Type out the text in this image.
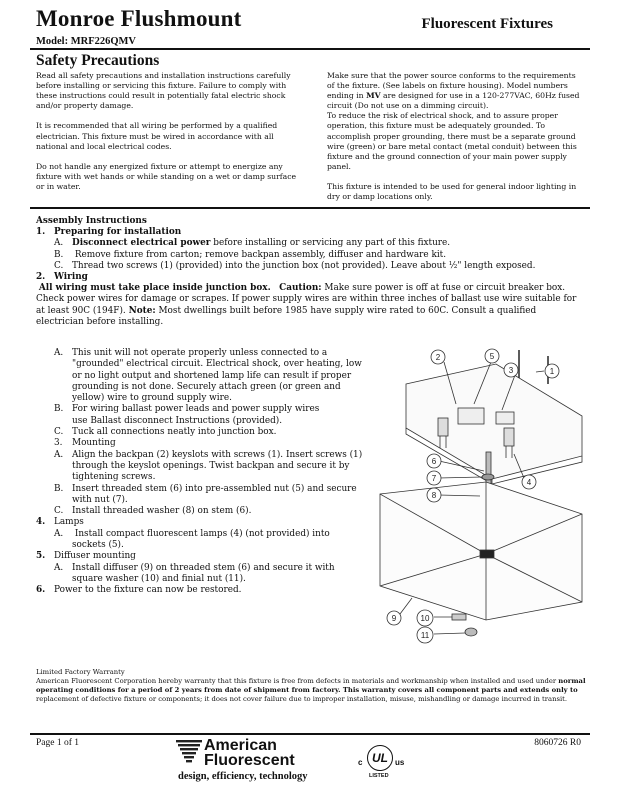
Monroe Flushmount
Model: MRF226QMV
Fluorescent Fixtures
Safety Precautions

Read all safety precautions and installation instructions carefully before installing or servicing this fixture. Failure to comply with these instructions could result in potentially fatal electric shock and/or property damage.

It is recommended that all wiring be performed by a qualified electrician. This fixture must be wired in accordance with all national and local electrical codes.

Do not handle any energized fixture or attempt to energize any fixture with wet hands or while standing on a wet or damp surface or in water.

Make sure that the power source conforms to the requirements of the fixture. (See labels on fixture housing). Model numbers ending in MV are designed for use in a 120-277VAC, 60Hz fused circuit (Do not use on a dimming circuit).

To reduce the risk of electrical shock, and to assure proper operation, this fixture must be adequately grounded. To accomplish proper grounding, there must be a separate ground wire (green) or bare metal contact (metal conduit) between this fixture and the ground connection of your main power supply panel.

This fixture is intended to be used for general indoor lighting in dry or damp locations only.

Assembly Instructions
1. Preparing for installation
A. Disconnect electrical power before installing or servicing any part of this fixture.
B. Remove fixture from carton; remove backpan assembly, diffuser and hardware kit.
C. Thread two screws (1) (provided) into the junction box (not provided). Leave about ½" length exposed.
2. Wiring
All wiring must take place inside junction box. Caution: Make sure power is off at fuse or circuit breaker box.
Check power wires for damage or scrapes. If power supply wires are within three inches of ballast use wire suitable for
at least 90C (194F). Note: Most dwellings built before 1985 have supply wire rated to 60C. Consult a qualified
electrician before installing.
A. This unit will not operate properly unless connected to a
"grounded" electrical circuit. Electrical shock, over heating, low
or no light output and shortened lamp life can result if proper
grounding is not done. Securely attach green (or green and
yellow) wire to ground supply wire.
B. For wiring ballast power leads and power supply wires
use Ballast disconnect Instructions (provided).
C. Tuck all connections neatly into junction box.
3. Mounting
A. Align the backpan (2) keyslots with screws (1). Insert screws (1)
through the keyslot openings. Twist backpan and secure it by
tightening screws.
B. Insert threaded stem (6) into pre-assembled nut (5) and secure
with nut (7).
C. Install threaded washer (8) on stem (6).
4. Lamps
A.	Install compact fluorescent lamps (4) (not provided) into
sockets (5).
5. Diffuser mounting
A. Install diffuser (9) on threaded stem (6) and secure it with
square washer (10) and finial nut (11).
6. Power to the fixture can now be restored.
2	5
3	1
6
7	4
8
9	10
11
Limited Factory Warranty
American Fluorescent Corporation hereby warranty that this fixture is free from defects in materials and workmanship when installed and used under normal operating conditions for a period of 2 years from date of shipment from factory. This warranty covers all component parts and extends only to replacement of defective fixture or components; it does not cover failure due to improper installation, misuse, mishandling or damage incurred in transit.
Page 1 of 1	8060726 R0
American
Fluorescent
design, efficiency, technology
c UL us
LISTED
